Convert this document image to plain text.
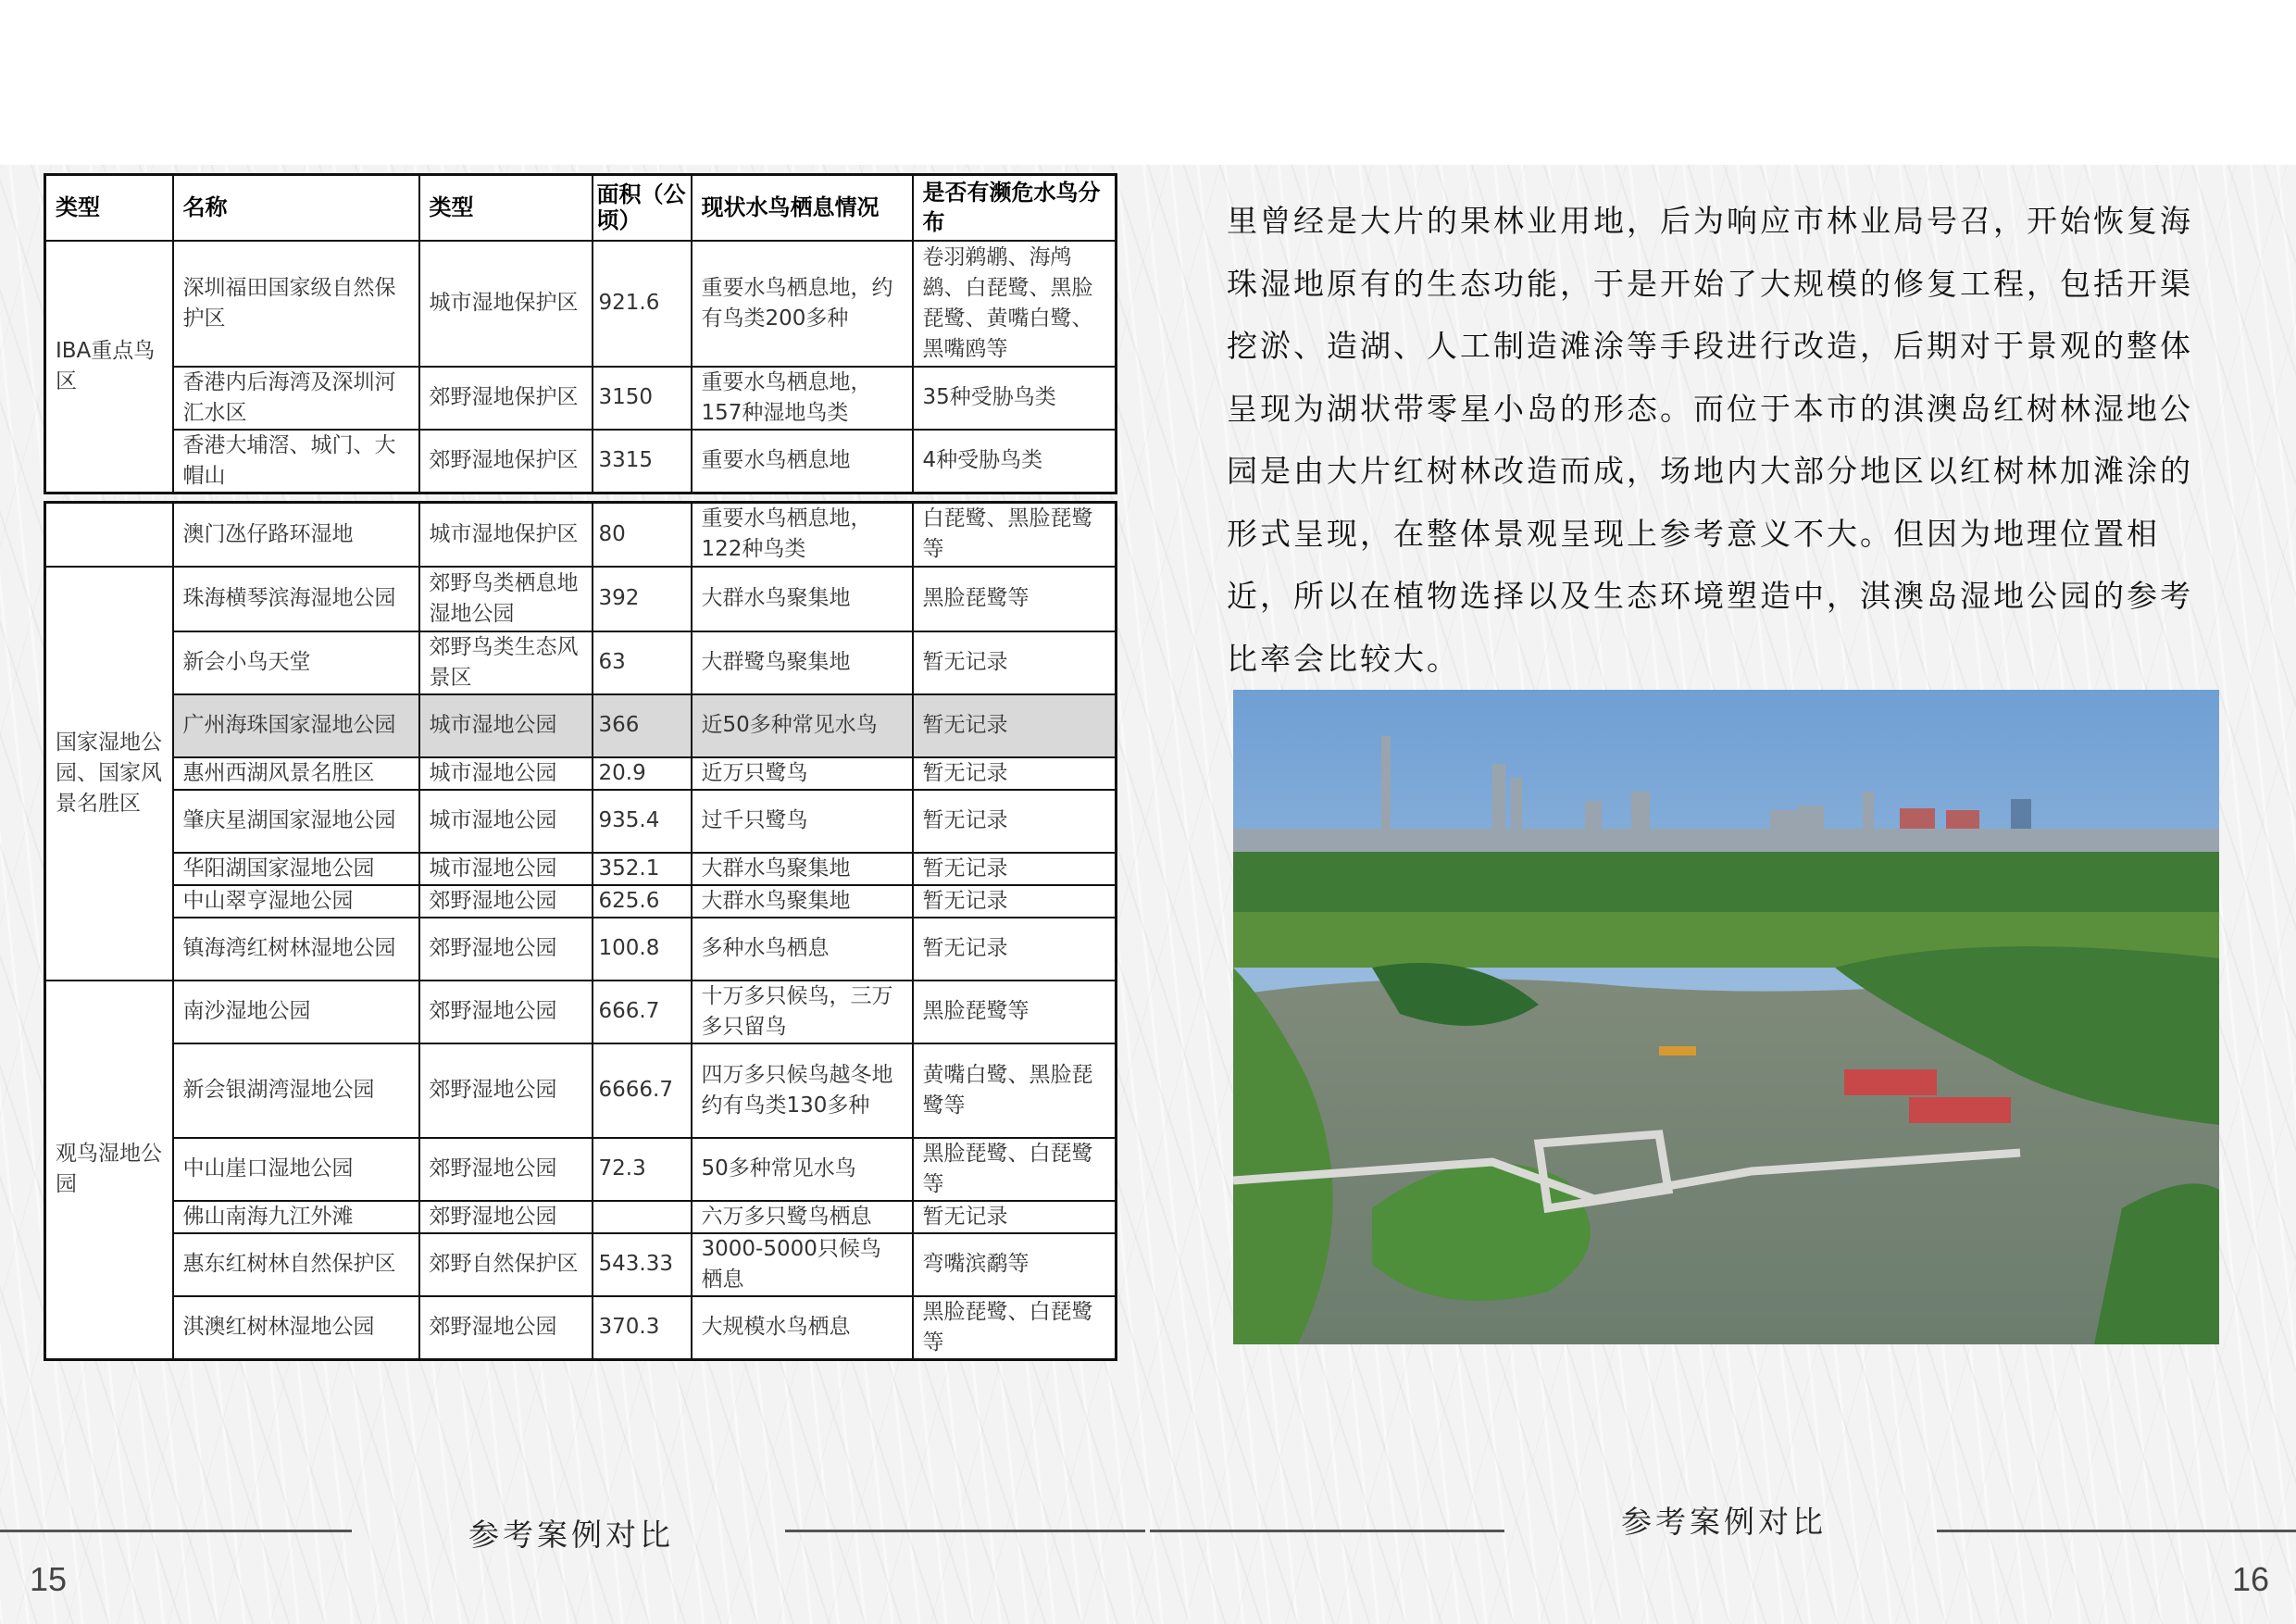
类型	名称	类型	面积（公顷）	现状水鸟栖息情况	是否有濒危水鸟分布
IBA重点鸟区	深圳福田国家级自然保护区	城市湿地保护区	921.6	重要水鸟栖息地，约有鸟类200多种	卷羽鹈鹕、海鸬鹚、白琵鹭、黑脸琵鹭、黄嘴白鹭、黑嘴鸥等
	香港内后海湾及深圳河汇水区	郊野湿地保护区	3150	重要水鸟栖息地，157种湿地鸟类	35种受胁鸟类
	香港大埔滘、城门、大帽山	郊野湿地保护区	3315	重要水鸟栖息地	4种受胁鸟类
	澳门氹仔路环湿地	城市湿地保护区	80	重要水鸟栖息地，122种鸟类	白琵鹭、黑脸琵鹭等
国家湿地公园、国家风景名胜区	珠海横琴滨海湿地公园	郊野鸟类栖息地湿地公园	392	大群水鸟聚集地	黑脸琵鹭等
	新会小鸟天堂	郊野鸟类生态风景区	63	大群鹭鸟聚集地	暂无记录
	广州海珠国家湿地公园	城市湿地公园	366	近50多种常见水鸟	暂无记录
	惠州西湖风景名胜区	城市湿地公园	20.9	近万只鹭鸟	暂无记录
	肇庆星湖国家湿地公园	城市湿地公园	935.4	过千只鹭鸟	暂无记录
	华阳湖国家湿地公园	城市湿地公园	352.1	大群水鸟聚集地	暂无记录
	中山翠亨湿地公园	郊野湿地公园	625.6	大群水鸟聚集地	暂无记录
	镇海湾红树林湿地公园	郊野湿地公园	100.8	多种水鸟栖息	暂无记录
观鸟湿地公园	南沙湿地公园	郊野湿地公园	666.7	十万多只候鸟，三万多只留鸟	黑脸琵鹭等
	新会银湖湾湿地公园	郊野湿地公园	6666.7	四万多只候鸟越冬地约有鸟类130多种	黄嘴白鹭、黑脸琵鹭等
	中山崖口湿地公园	郊野湿地公园	72.3	50多种常见水鸟	黑脸琵鹭、白琵鹭等
	佛山南海九江外滩	郊野湿地公园		六万多只鹭鸟栖息	暂无记录
	惠东红树林自然保护区	郊野自然保护区	543.33	3000-5000只候鸟栖息	弯嘴滨鹬等
	淇澳红树林湿地公园	郊野湿地公园	370.3	大规模水鸟栖息	黑脸琵鹭、白琵鹭等
里曾经是大片的果林业用地，后为响应市林业局号召，开始恢复海珠湿地原有的生态功能，于是开始了大规模的修复工程，包括开渠挖淤、造湖、人工制造滩涂等手段进行改造，后期对于景观的整体呈现为湖状带零星小岛的形态。而位于本市的淇澳岛红树林湿地公园是由大片红树林改造而成，场地内大部分地区以红树林加滩涂的形式呈现，在整体景观呈现上参考意义不大。但因为地理位置相近，所以在植物选择以及生态环境塑造中，淇澳岛湿地公园的参考比率会比较大。
参考案例对比	参考案例对比
15	16
